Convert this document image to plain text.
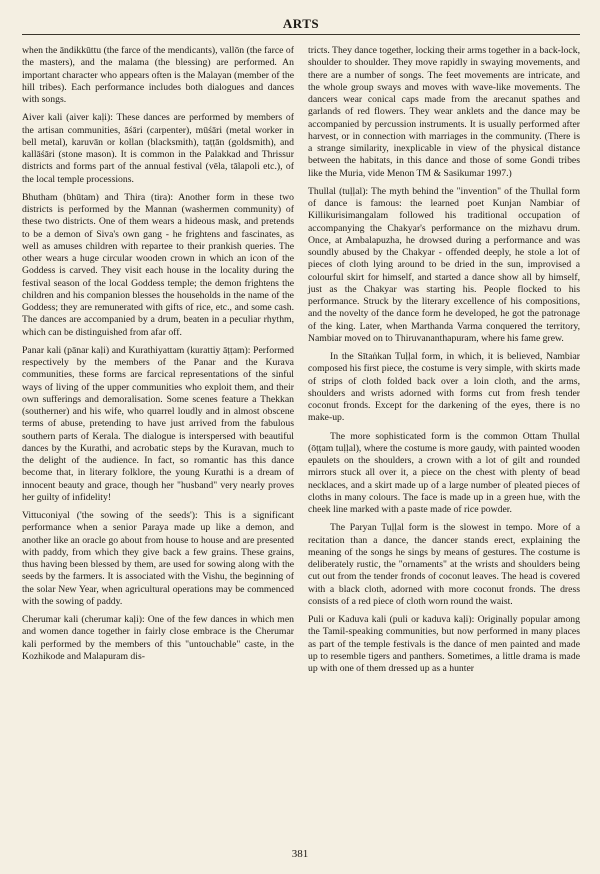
ARTS

when the āndikkūttu (the farce of the mendicants), vallōn (the farce of the masters), and the malama (the blessing) are performed. An important character who appears often is the Malayan (member of the hill tribes). Each performance includes both dialogues and dances with songs.

Aiver kali (aiver kaḷi): These dances are performed by members of the artisan communities, āśāri (carpenter), mūśāri (metal worker in bell metal), karuvān or kollan (blacksmith), taṭṭān (goldsmith), and kallāśāri (stone mason). It is common in the Palakkad and Thrissur districts and forms part of the annual festival (vēla, tālapoli etc.), of the local temple processions.

Bhutham (bhūtam) and Thira (tira): Another form in these two districts is performed by the Mannan (washermen community) of these two districts. One of them wears a hideous mask, and pretends to be a demon of Siva's own gang - he frightens and fascinates, as well as amuses children with repartee to their prankish queries. The other wears a huge circular wooden crown in which an icon of the Goddess is carved. They visit each house in the locality during the festival season of the local Goddess temple; the demon frightens the children and his companion blesses the households in the name of the Goddess; they are remunerated with gifts of rice, etc., and some cash. The dances are accompanied by a drum, beaten in a peculiar rhythm, which can be distinguished from afar off.

Panar kali (pānar kaḷi) and Kurathiyattam (kurattiy āṭṭam): Performed respectively by the members of the Panar and the Kurava communities, these forms are farcical representations of the sinful ways of living of the upper communities who exploit them, and their own sufferings and demoralisation. Some scenes feature a Thekkan (southerner) and his wife, who quarrel loudly and in almost obscene terms of abuse, pretending to have just arrived from the fabulous southern parts of Kerala. The dialogue is interspersed with beautiful dances by the Kurathi, and acrobatic steps by the Kuravan, much to the delight of the audience. In fact, so romantic has this dance become that, in literary folklore, the young Kurathi is a dream of innocent beauty and grace, though her "husband" very nearly proves her guilty of infidelity!

Vittuconiyal ('the sowing of the seeds'): This is a significant performance when a senior Paraya made up like a demon, and another like an oracle go about from house to house and are presented with paddy, from which they give back a few grains. These grains, thus having been blessed by them, are used for sowing along with the seeds by the farmers. It is associated with the Vishu, the beginning of the solar New Year, when agricultural operations may be commenced with the sowing of paddy.

Cherumar kali (cherumar kaḷi): One of the few dances in which men and women dance together in fairly close embrace is the Cherumar kali performed by the members of this "untouchable" caste, in the Kozhikode and Malapuram dis-

tricts. They dance together, locking their arms together in a back-lock, shoulder to shoulder. They move rapidly in swaying movements, and there are a number of songs. The feet movements are intricate, and the whole group sways and moves with wave-like movements. The dancers wear conical caps made from the arecanut spathes and garlands of red flowers. They wear anklets and the dance may be accompanied by percussion instruments. It is usually performed after harvest, or in connection with marriages in the community. (There is a strange similarity, inexplicable in view of the physical distance between the habitats, in this dance and those of some Gondi tribes like the Muria, vide Menon TM & Sasikumar 1997.)

Thullal (tuḷḷal): The myth behind the "invention" of the Thullal form of dance is famous: the learned poet Kunjan Nambiar of Killikurisimangalam followed his traditional occupation of accompanying the Chakyar's performance on the mizhavu drum. Once, at Ambalapuzha, he drowsed during a performance and was soundly abused by the Chakyar - offended deeply, he stole a lot of pieces of cloth lying around to be dried in the sun, improvised a colourful skirt for himself, and started a dance show all by himself, just as the Chakyar was starting his. People flocked to his performance. Struck by the literary excellence of his compositions, and the novelty of the dance form he developed, he got the patronage of the king. Later, when Marthanda Varma conquered the territory, Nambiar moved on to Thiruvananthapuram, where his fame grew.

In the Sītaṅkan Tuḷḷal form, in which, it is believed, Nambiar composed his first piece, the costume is very simple, with skirts made of strips of cloth folded back over a loin cloth, and the arms, shoulders and wrists adorned with forms cut from fresh tender coconut fronds. Except for the darkening of the eyes, there is no make-up.

The more sophisticated form is the common Ottam Thullal (ōṭṭam tuḷḷal), where the costume is more gaudy, with painted wooden epaulets on the shoulders, a crown with a lot of gilt and rounded mirrors stuck all over it, a piece on the chest with plenty of bead necklaces, and a skirt made up of a large number of pleated pieces of cloths in many colours. The face is made up in a green hue, with the cheek line marked with a paste made of rice powder.

The Paryan Tuḷḷal form is the slowest in tempo. More of a recitation than a dance, the dancer stands erect, explaining the meaning of the songs he sings by means of gestures. The costume is deliberately rustic, the "ornaments" at the wrists and shoulders being cut out from the tender fronds of coconut leaves. The head is covered with a black cloth, adorned with more coconut fronds. The dress consists of a red piece of cloth worn round the waist.

Puli or Kaduva kali (puli or kaduva kaḷi): Originally popular among the Tamil-speaking communities, but now performed in many places as part of the temple festivals is the dance of men painted and made up to resemble tigers and panthers. Sometimes, a little drama is made up with one of them dressed up as a hunter

381
